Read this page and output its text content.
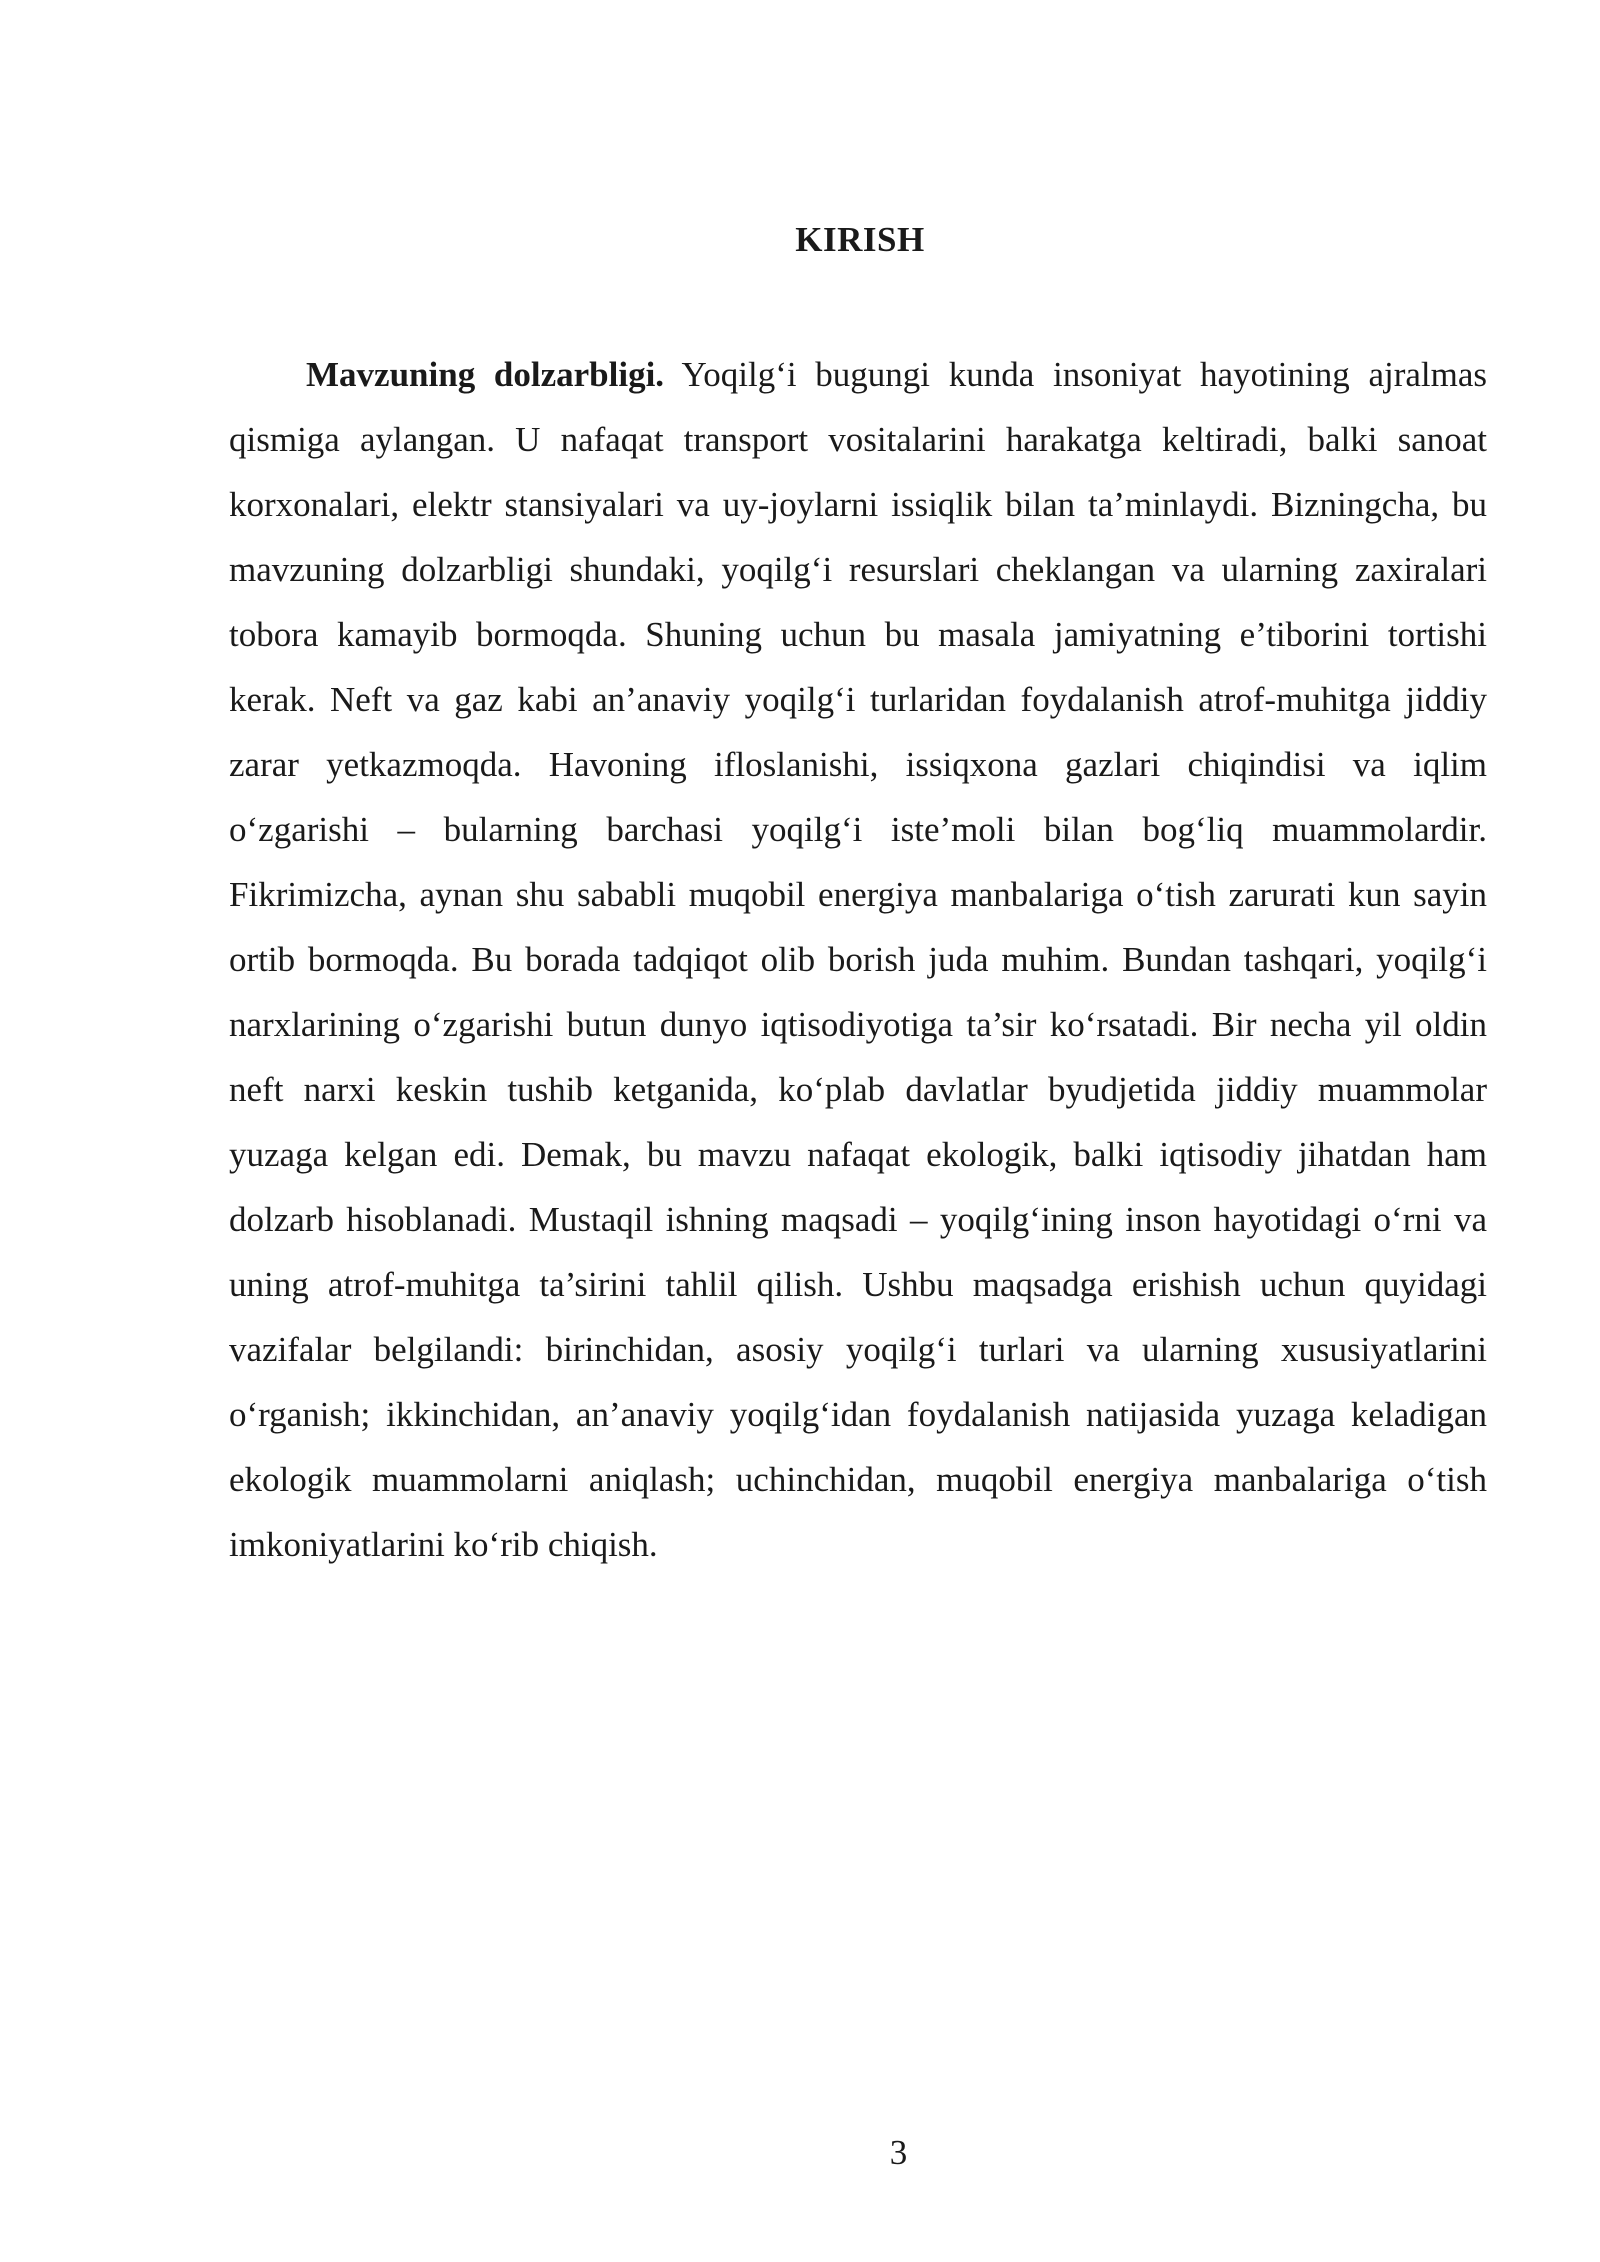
KIRISH

Mavzuning dolzarbligi. Yoqilg‘i bugungi kunda insoniyat hayotining ajralmas qismiga aylangan. U nafaqat transport vositalarini harakatga keltiradi, balki sanoat korxonalari, elektr stansiyalari va uy-joylarni issiqlik bilan ta’minlaydi. Bizningcha, bu mavzuning dolzarbligi shundaki, yoqilg‘i resurslari cheklangan va ularning zaxiralari tobora kamayib bormoqda. Shuning uchun bu masala jamiyatning e’tiborini tortishi kerak. Neft va gaz kabi an’anaviy yoqilg‘i turlaridan foydalanish atrof-muhitga jiddiy zarar yetkazmoqda. Havoning ifloslanishi, issiqxona gazlari chiqindisi va iqlim o‘zgarishi – bularning barchasi yoqilg‘i iste’moli bilan bog‘liq muammolardir. Fikrimizcha, aynan shu sababli muqobil energiya manbalariga o‘tish zarurati kun sayin ortib bormoqda. Bu borada tadqiqot olib borish juda muhim. Bundan tashqari, yoqilg‘i narxlarining o‘zgarishi butun dunyo iqtisodiyotiga ta’sir ko‘rsatadi. Bir necha yil oldin neft narxi keskin tushib ketganida, ko‘plab davlatlar byudjetida jiddiy muammolar yuzaga kelgan edi. Demak, bu mavzu nafaqat ekologik, balki iqtisodiy jihatdan ham dolzarb hisoblanadi. Mustaqil ishning maqsadi – yoqilg‘ining inson hayotidagi o‘rni va uning atrof-muhitga ta’sirini tahlil qilish. Ushbu maqsadga erishish uchun quyidagi vazifalar belgilandi: birinchidan, asosiy yoqilg‘i turlari va ularning xususiyatlarini o‘rganish; ikkinchidan, an’anaviy yoqilg‘idan foydalanish natijasida yuzaga keladigan ekologik muammolarni aniqlash; uchinchidan, muqobil energiya manbalariga o‘tish imkoniyatlarini ko‘rib chiqish.

3
